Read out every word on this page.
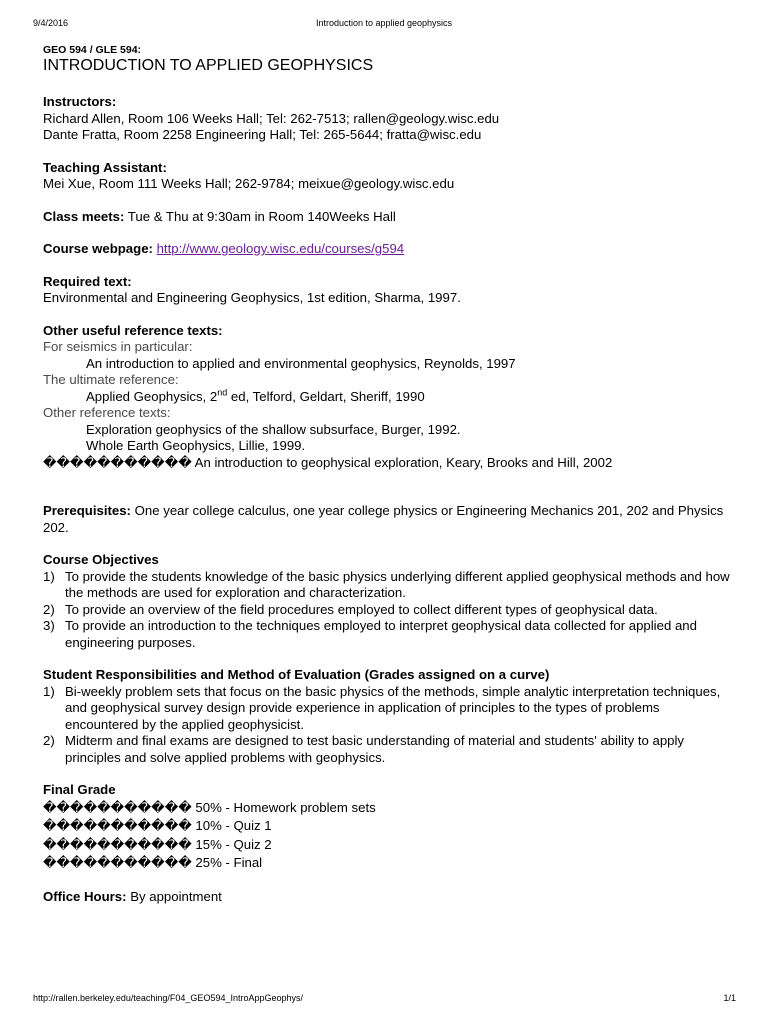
9/4/2016	Introduction to applied geophysics
GEO 594 / GLE 594:
INTRODUCTION TO APPLIED GEOPHYSICS
Instructors:
Richard Allen, Room 106 Weeks Hall; Tel: 262-7513; rallen@geology.wisc.edu
Dante Fratta, Room 2258 Engineering Hall; Tel: 265-5644; fratta@wisc.edu
Teaching Assistant:
Mei Xue, Room 111 Weeks Hall; 262-9784; meixue@geology.wisc.edu
Class meets: Tue & Thu at 9:30am in Room 140Weeks Hall
Course webpage: http://www.geology.wisc.edu/courses/g594
Required text:
Environmental and Engineering Geophysics, 1st edition, Sharma, 1997.
Other useful reference texts:
For seismics in particular:
An introduction to applied and environmental geophysics, Reynolds, 1997
The ultimate reference:
Applied Geophysics, 2nd ed, Telford, Geldart, Sheriff, 1990
Other reference texts:
Exploration geophysics of the shallow subsurface, Burger, 1992.
Whole Earth Geophysics, Lillie, 1999.
����������� An introduction to geophysical exploration, Keary, Brooks and Hill, 2002
Prerequisites: One year college calculus, one year college physics or Engineering Mechanics 201, 202 and Physics 202.
Course Objectives
1) To provide the students knowledge of the basic physics underlying different applied geophysical methods and how the methods are used for exploration and characterization.
2) To provide an overview of the field procedures employed to collect different types of geophysical data.
3) To provide an introduction to the techniques employed to interpret geophysical data collected for applied and engineering purposes.
Student Responsibilities and Method of Evaluation (Grades assigned on a curve)
1) Bi-weekly problem sets that focus on the basic physics of the methods, simple analytic interpretation techniques, and geophysical survey design provide experience in application of principles to the types of problems encountered by the applied geophysicist.
2) Midterm and final exams are designed to test basic understanding of material and students' ability to apply principles and solve applied problems with geophysics.
Final Grade
����������� 50% - Homework problem sets
����������� 10% - Quiz 1
����������� 15% - Quiz 2
����������� 25% - Final
Office Hours: By appointment
http://rallen.berkeley.edu/teaching/F04_GEO594_IntroAppGeophys/	1/1
